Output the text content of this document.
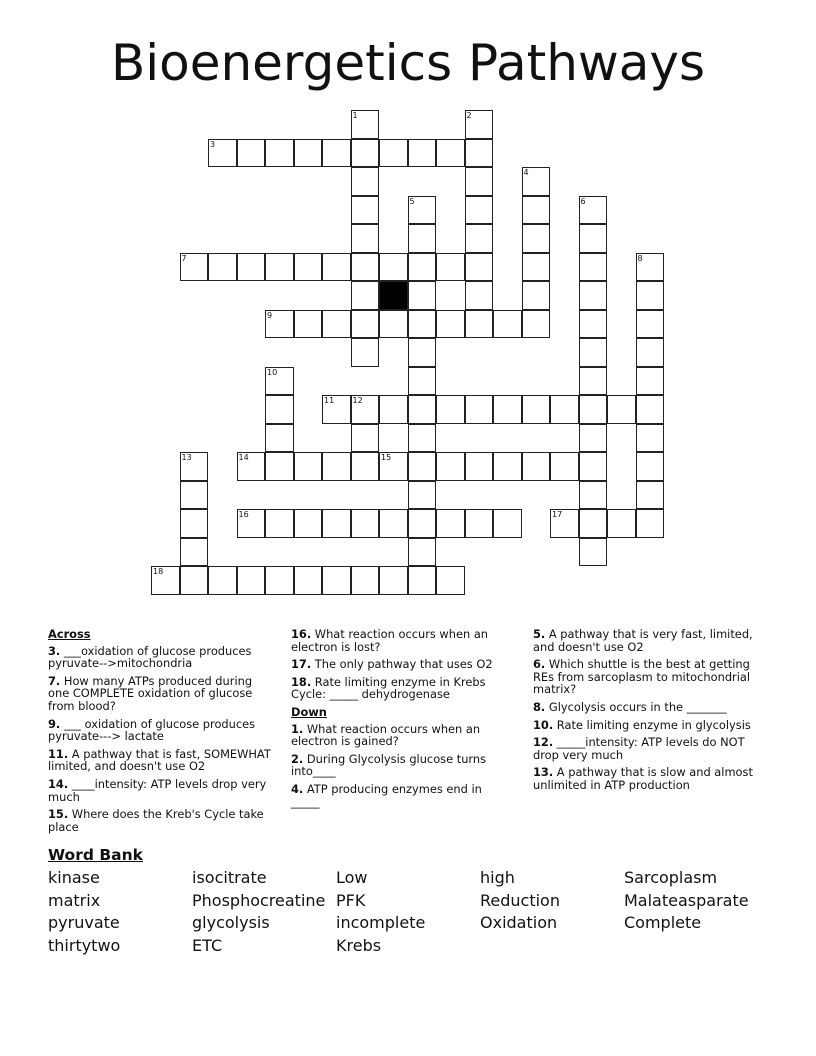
Bioenergetics Pathways
3
7
9
11 12
14	15
16	17
18
1	2
4
5	6
8
10
13
Across
3. ___oxidation of glucose produces pyruvate-->mitochondria
7. How many ATPs produced during one COMPLETE oxidation of glucose from blood?
9. ___ oxidation of glucose produces pyruvate---> lactate
11. A pathway that is fast, SOMEWHAT limited, and doesn't use O2
14. ____intensity: ATP levels drop very much
15. Where does the Kreb's Cycle take place
16. What reaction occurs when an electron is lost?
17. The only pathway that uses O2
18. Rate limiting enzyme in Krebs Cycle: _____ dehydrogenase
Down
1. What reaction occurs when an electron is gained?
2. During Glycolysis glucose turns into____
4. ATP producing enzymes end in _____
5. A pathway that is very fast, limited, and doesn't use O2
6. Which shuttle is the best at getting REs from sarcoplasm to mitochondrial matrix?
8. Glycolysis occurs in the _______
10. Rate limiting enzyme in glycolysis
12. _____intensity: ATP levels do NOT drop very much
13. A pathway that is slow and almost unlimited in ATP production
Word Bank
kinase	isocitrate	Low	high	Sarcoplasm
matrix	Phosphocreatine PFK	Reduction	Malateasparate
pyruvate	glycolysis	incomplete	Oxidation	Complete
thirtytwo	ETC	Krebs
